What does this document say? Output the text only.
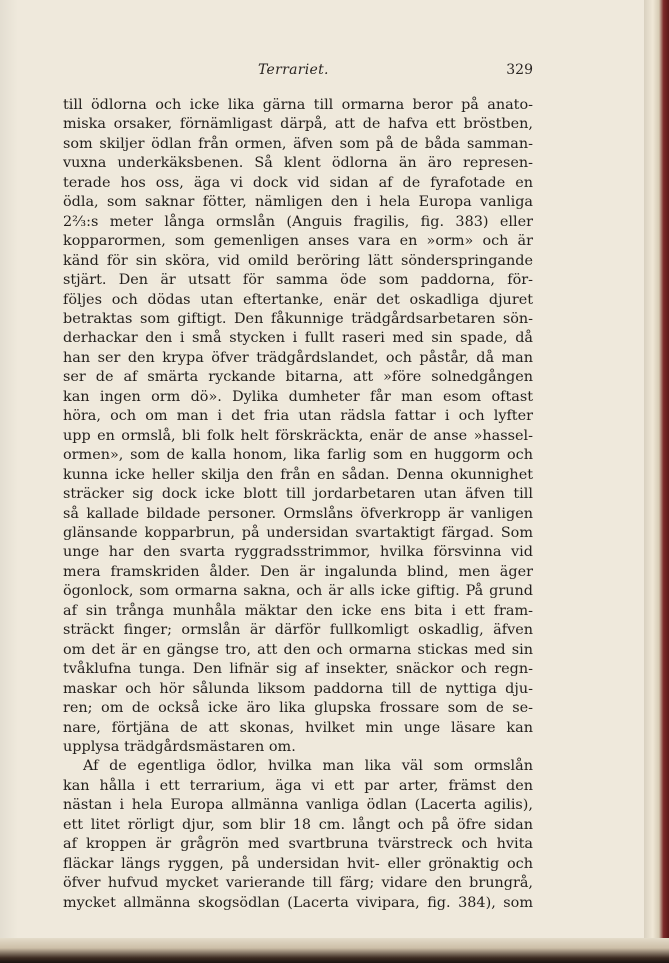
Terrariet.	329

till ödlorna och icke lika gärna till ormarna beror på anato-
miska orsaker, förnämligast därpå, att de hafva ett bröstben,
som skiljer ödlan från ormen, äfven som på de båda samman-
vuxna underkäksbenen. Så klent ödlorna än äro represen-
terade hos oss, äga vi dock vid sidan af de fyrafotade en
ödla, som saknar fötter, nämligen den i hela Europa vanliga
2⅔:s meter långa ormslån (Anguis fragilis, fig. 383) eller
kopparormen, som gemenligen anses vara en »orm» och är
känd för sin sköra, vid omild beröring lätt sönderspringande
stjärt. Den är utsatt för samma öde som paddorna, för-
följes och dödas utan eftertanke, enär det oskadliga djuret
betraktas som giftigt. Den fåkunnige trädgårdsarbetaren sön-
derhackar den i små stycken i fullt raseri med sin spade, då
han ser den krypa öfver trädgårdslandet, och påstår, då man
ser de af smärta ryckande bitarna, att »före solnedgången
kan ingen orm dö». Dylika dumheter får man esom oftast
höra, och om man i det fria utan rädsla fattar i och lyfter
upp en ormslå, bli folk helt förskräckta, enär de anse »hassel-
ormen», som de kalla honom, lika farlig som en huggorm och
kunna icke heller skilja den från en sådan. Denna okunnighet
sträcker sig dock icke blott till jordarbetaren utan äfven till
så kallade bildade personer. Ormslåns öfverkropp är vanligen
glänsande kopparbrun, på undersidan svartaktigt färgad. Som
unge har den svarta ryggradsstrimmor, hvilka försvinna vid
mera framskriden ålder. Den är ingalunda blind, men äger
ögonlock, som ormarna sakna, och är alls icke giftig. På grund
af sin trånga munhåla mäktar den icke ens bita i ett fram-
sträckt finger; ormslån är därför fullkomligt oskadlig, äfven
om det är en gängse tro, att den och ormarna stickas med sin
tvåklufna tunga. Den lifnär sig af insekter, snäckor och regn-
maskar och hör sålunda liksom paddorna till de nyttiga dju-
ren; om de också icke äro lika glupska frossare som de se-
nare, förtjäna de att skonas, hvilket min unge läsare kan
upplysa trädgårdsmästaren om.

Af de egentliga ödlor, hvilka man lika väl som ormslån
kan hålla i ett terrarium, äga vi ett par arter, främst den
nästan i hela Europa allmänna vanliga ödlan (Lacerta agilis),
ett litet rörligt djur, som blir 18 cm. långt och på öfre sidan
af kroppen är grågrön med svartbruna tvärstreck och hvita
fläckar längs ryggen, på undersidan hvit- eller grönaktig och
öfver hufvud mycket varierande till färg; vidare den brungrå,
mycket allmänna skogsödlan (Lacerta vivipara, fig. 384), som
